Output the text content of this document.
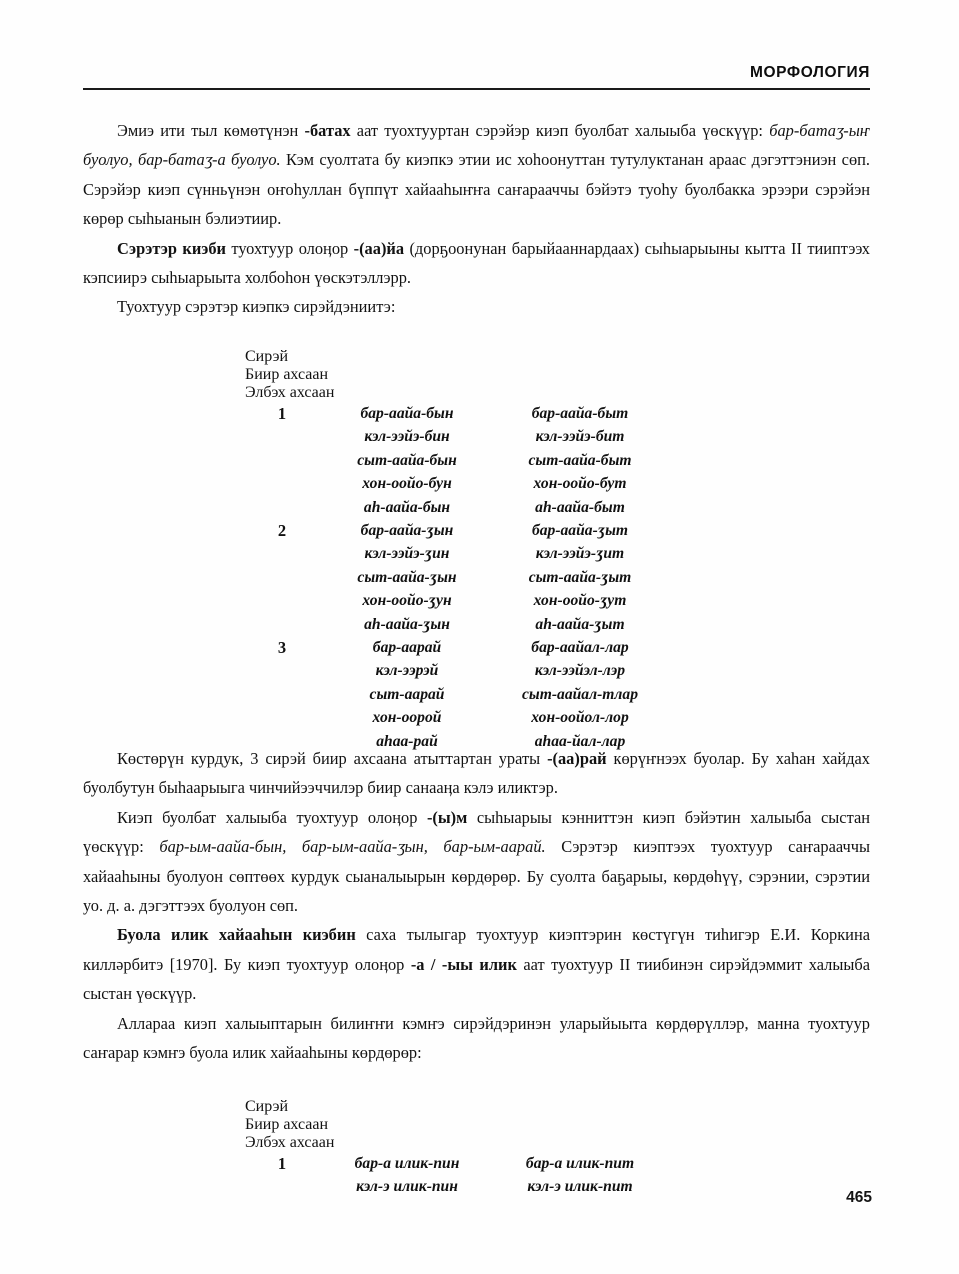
МОРФОЛОГИЯ

Эмиэ ити тыл көмөтүнэн -батах аат туохтууртан сэрэйэр киэп буолбат халыыба үөскүүр: бар-батаӡ-ыҥ буолуо, бар-батаӡ-а буолуо. Кэм суолтата бу киэпкэ этии ис хоһоонуттан тутулуктанан араас дэгэттэниэн сөп. Сэрэйэр киэп сүнньүнэн оҥоһуллан бүппүт хайааһыҥҥа саҥарааччы бэйэтэ туоһу буолбакка эрээри сэрэйэн көрөр сыһыанын бэлиэтиир.

Сэрэтэр киэби туохтуур олоӊор -(аа)йа (дорҕоонунан барыйааннардаах) сыһыарыыны кытта II тииптээх кэпсиирэ сыһыарыыта холбоһон үөскэтэллэрр.

Туохтуур сэрэтэр киэпкэ сирэйдэниитэ:

Сирэй
Биир ахсаан
Элбэх ахсаан
1	бар-аайа-бын	бар-аайа-быт
кэл-ээйэ-бин	кэл-ээйэ-бит
сыт-аайа-бын	сыт-аайа-быт
хон-оойо-бун	хон-оойо-бут
аһ-аайа-бын	аһ-аайа-быт
2	бар-аайа-ӡын	бар-аайа-ӡыт
кэл-ээйэ-ӡин	кэл-ээйэ-ӡит
сыт-аайа-ӡын	сыт-аайа-ӡыт
хон-оойо-ӡун	хон-оойо-ӡут
аһ-аайа-ӡын	аһ-аайа-ӡыт
3	бар-аарай	бар-аайал-лар
кэл-ээрэй	кэл-ээйэл-лэр
сыт-аарай	сыт-аайал-тлар
хон-оорой	хон-оойол-лор
аһаа-рай	аһаа-йал-лар

Көстөрүн курдук, 3 сирэй биир ахсаана атыттартан ураты -(аа)рай көрүҥнээх буолар. Бу хаһан хайдах буолбутун быһаарыыга чинчийээччилэр биир санааӊа кэлэ иликтэр.

Киэп буолбат халыыба туохтуур олоӊор -(ы)м сыһыарыы кэнниттэн киэп бэйэтин халыыба сыстан үөскүүр: бар-ым-аайа-бын, бар-ым-аайа-ӡын, бар-ым-аарай. Сэрэтэр киэптээх туохтуур саҥарааччы хайааһыны буолуон сөптөөх курдук сыаналыырын көрдөрөр. Бу суолта баҕарыы, көрдөһүү, сэрэнии, сэрэтии уо. д. а. дэгэттээх буолуон сөп.

Буола илик хайааһын киэбин саха тылыгар туохтуур киэптэрин көстүгүн тиһигэр Е.И. Коркина килләрбитэ [1970]. Бу киэп туохтуур олоӊор -а / -ыы илик аат туохтуур II тиибинэн сирэйдэммит халыыба сыстан үөскүүр.

Аллараа киэп халыыптарын билиҥҥи кэмҥэ сирэйдэринэн уларыйыыта көрдөрүллэр, манна туохтуур саҥарар кэмҥэ буола илик хайааһыны көрдөрөр:

Сирэй
Биир ахсаан
Элбэх ахсаан
1	бар-а илик-пин	бар-а илик-пит
кэл-э илик-пин	кэл-э илик-пит
465
